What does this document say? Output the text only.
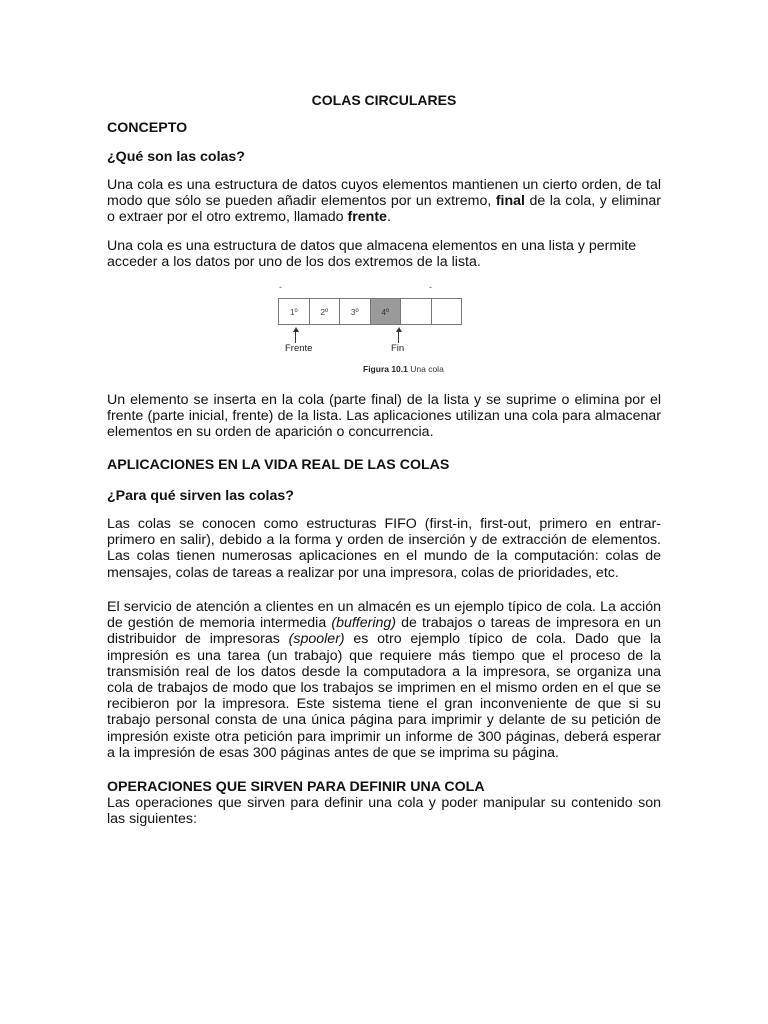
COLAS CIRCULARES
CONCEPTO
¿Qué son las colas?

Una cola es una estructura de datos cuyos elementos mantienen un cierto orden, de tal modo que sólo se pueden añadir elementos por un extremo, final de la cola, y eliminar o extraer por el otro extremo, llamado frente.

Una cola es una estructura de datos que almacena elementos en una lista y permite acceder a los datos por uno de los dos extremos de la lista.

-	-
1º	2º	3º	4º
Frente	Fin
Figura 10.1 Una cola

Un elemento se inserta en la cola (parte final) de la lista y se suprime o elimina por el frente (parte inicial, frente) de la lista. Las aplicaciones utilizan una cola para almacenar elementos en su orden de aparición o concurrencia.

APLICACIONES EN LA VIDA REAL DE LAS COLAS
¿Para qué sirven las colas?

Las colas se conocen como estructuras FIFO (first-in, first-out, primero en entrar-primero en salir), debido a la forma y orden de inserción y de extracción de elementos. Las colas tienen numerosas aplicaciones en el mundo de la computación: colas de mensajes, colas de tareas a realizar por una impresora, colas de prioridades, etc.

El servicio de atención a clientes en un almacén es un ejemplo típico de cola. La acción de gestión de memoria intermedia (buffering) de trabajos o tareas de impresora en un distribuidor de impresoras (spooler) es otro ejemplo típico de cola. Dado que la impresión es una tarea (un trabajo) que requiere más tiempo que el proceso de la transmisión real de los datos desde la computadora a la impresora, se organiza una cola de trabajos de modo que los trabajos se imprimen en el mismo orden en el que se recibieron por la impresora. Este sistema tiene el gran inconveniente de que si su trabajo personal consta de una única página para imprimir y delante de su petición de impresión existe otra petición para imprimir un informe de 300 páginas, deberá esperar a la impresión de esas 300 páginas antes de que se imprima su página.

OPERACIONES QUE SIRVEN PARA DEFINIR UNA COLA

Las operaciones que sirven para definir una cola y poder manipular su contenido son las siguientes:
